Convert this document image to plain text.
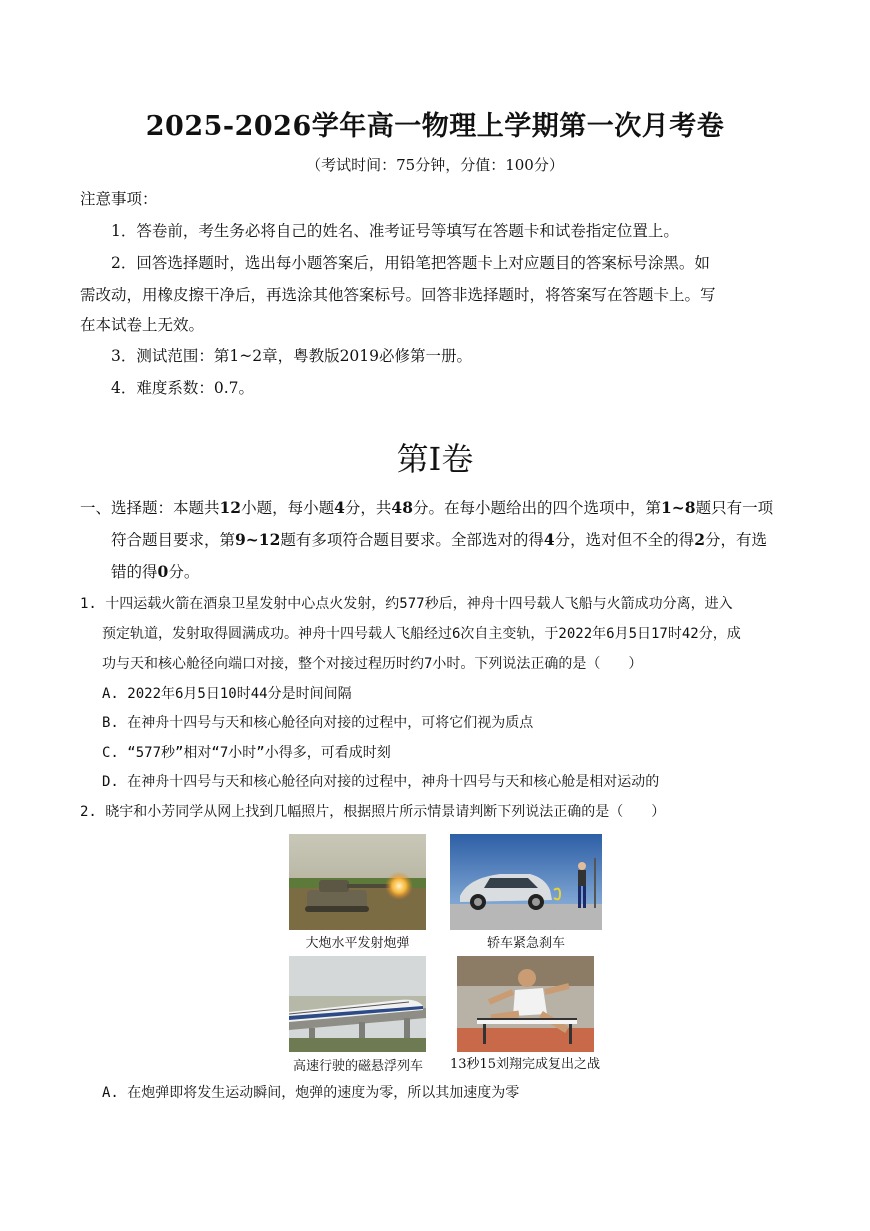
2025-2026学年高一物理上学期第一次月考卷
（考试时间：75分钟，分值：100分）
注意事项：
1．答卷前，考生务必将自己的姓名、准考证号等填写在答题卡和试卷指定位置上。
2．回答选择题时，选出每小题答案后，用铅笔把答题卡上对应题目的答案标号涂黑。如
需改动，用橡皮擦干净后，再选涂其他答案标号。回答非选择题时，将答案写在答题卡上。写
在本试卷上无效。
3．测试范围：第1~2章，粤教版2019必修第一册。
4．难度系数：0.7。
第Ⅰ卷
一、选择题：本题共12小题，每小题4分，共48分。在每小题给出的四个选项中，第1~8题只有一项
符合题目要求，第9~12题有多项符合题目要求。全部选对的得4分，选对但不全的得2分，有选
错的得0分。
1. 十四运载火箭在酒泉卫星发射中心点火发射，约577秒后，神舟十四号载人飞船与火箭成功分离，进入
预定轨道，发射取得圆满成功。神舟十四号载人飞船经过6次自主变轨，于2022年6月5日17时42分，成
功与天和核心舱径向端口对接，整个对接过程历时约7小时。下列说法正确的是（　　）
A. 2022年6月5日10时44分是时间间隔
B. 在神舟十四号与天和核心舱径向对接的过程中，可将它们视为质点
C. “577秒”相对“7小时”小得多，可看成时刻
D. 在神舟十四号与天和核心舱径向对接的过程中，神舟十四号与天和核心舱是相对运动的
2. 晓宇和小芳同学从网上找到几幅照片，根据照片所示情景请判断下列说法正确的是（　　）
大炮水平发射炮弹	轿车紧急刹车
高速行驶的磁悬浮列车	13秒15刘翔完成复出之战
A. 在炮弹即将发生运动瞬间，炮弹的速度为零，所以其加速度为零
